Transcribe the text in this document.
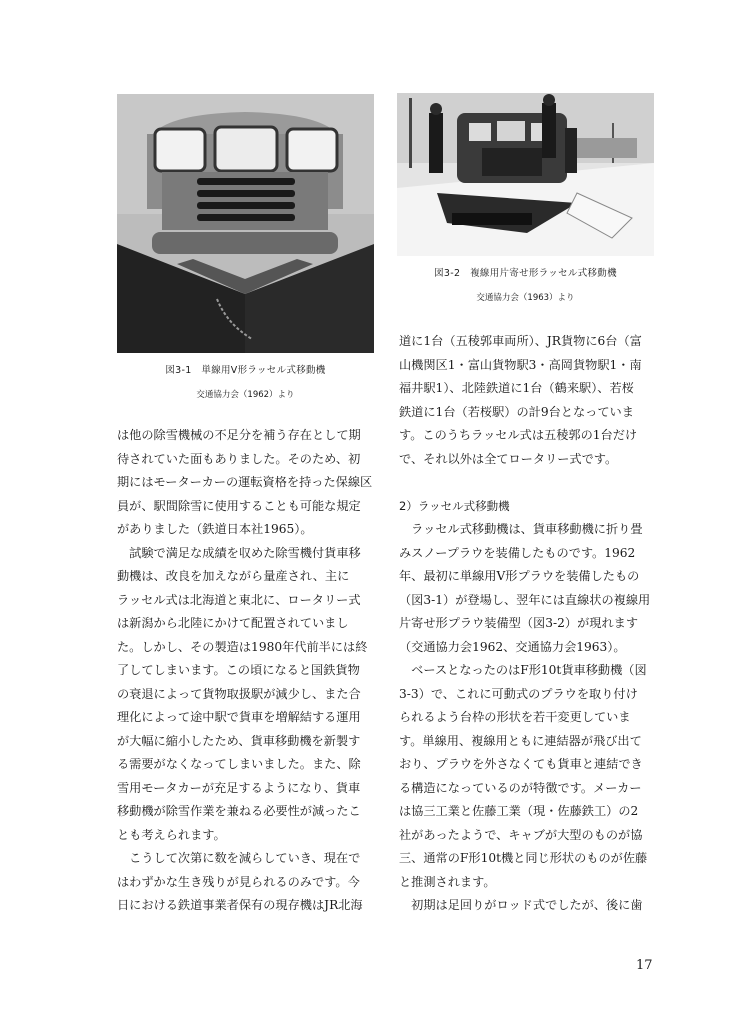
図3-1　単線用V形ラッセル式移動機
交通協力会（1962）より
図3-2　複線用片寄せ形ラッセル式移動機
交通協力会（1963）より

は他の除雪機械の不足分を補う存在として期

待されていた面もありました。そのため、初

期にはモーターカーの運転資格を持った保線区

員が、駅間除雪に使用することも可能な規定

がありました（鉄道日本社1965）。

　試験で満足な成績を収めた除雪機付貨車移

動機は、改良を加えながら量産され、主に

ラッセル式は北海道と東北に、ロータリー式

は新潟から北陸にかけて配置されていまし

た。しかし、その製造は1980年代前半には終

了してしまいます。この頃になると国鉄貨物

の衰退によって貨物取扱駅が減少し、また合

理化によって途中駅で貨車を増解結する運用

が大幅に縮小したため、貨車移動機を新製す

る需要がなくなってしまいました。また、除

雪用モータカーが充足するようになり、貨車

移動機が除雪作業を兼ねる必要性が減ったこ

とも考えられます。

　こうして次第に数を減らしていき、現在で

はわずかな生き残りが見られるのみです。今

日における鉄道事業者保有の現存機はJR北海

道に1台（五稜郭車両所）、JR貨物に6台（富

山機関区1・富山貨物駅3・高岡貨物駅1・南

福井駅1）、北陸鉄道に1台（鶴来駅）、若桜

鉄道に1台（若桜駅）の計9台となっていま

す。このうちラッセル式は五稜郭の1台だけ

で、それ以外は全てロータリー式です。

2）ラッセル式移動機

　ラッセル式移動機は、貨車移動機に折り畳

みスノープラウを装備したものです。1962

年、最初に単線用V形プラウを装備したもの

（図3-1）が登場し、翌年には直線状の複線用

片寄せ形プラウ装備型（図3-2）が現れます

（交通協力会1962、交通協力会1963）。

　ベースとなったのはF形10t貨車移動機（図

3-3）で、これに可動式のプラウを取り付け

られるよう台枠の形状を若干変更していま

す。単線用、複線用ともに連結器が飛び出て

おり、プラウを外さなくても貨車と連結でき

る構造になっているのが特徴です。メーカー

は協三工業と佐藤工業（現・佐藤鉄工）の2

社があったようで、キャブが大型のものが協

三、通常のF形10t機と同じ形状のものが佐藤

と推測されます。

　初期は足回りがロッド式でしたが、後に歯

17
